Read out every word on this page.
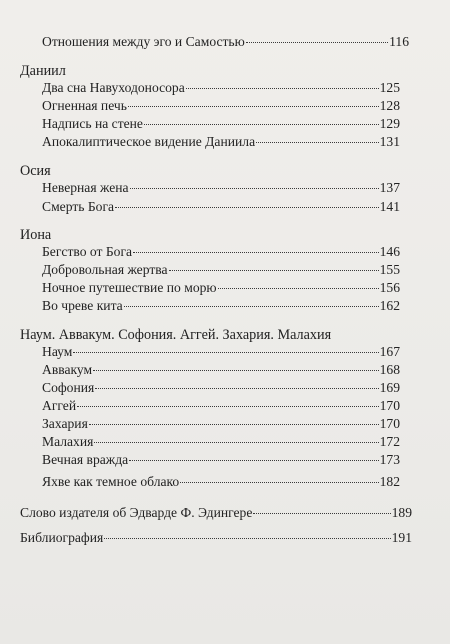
Отношения между эго и Самостью	116
Даниил
Два сна Навуходоносора	125
Огненная печь	128
Надпись на стене	129
Апокалиптическое видение Даниила	131
Осия
Неверная жена	137
Смерть Бога	141
Иона
Бегство от Бога	146
Добровольная жертва	155
Ночное путешествие по морю	156
Во чреве кита	162
Наум. Аввакум. Софония. Аггей. Захария. Малахия
Наум	167
Аввакум	168
Софония	169
Аггей	170
Захария	170
Малахия	172
Вечная вражда	173
Яхве как темное облако	182
Слово издателя об Эдварде Ф. Эдингере	189
Библиография	191
